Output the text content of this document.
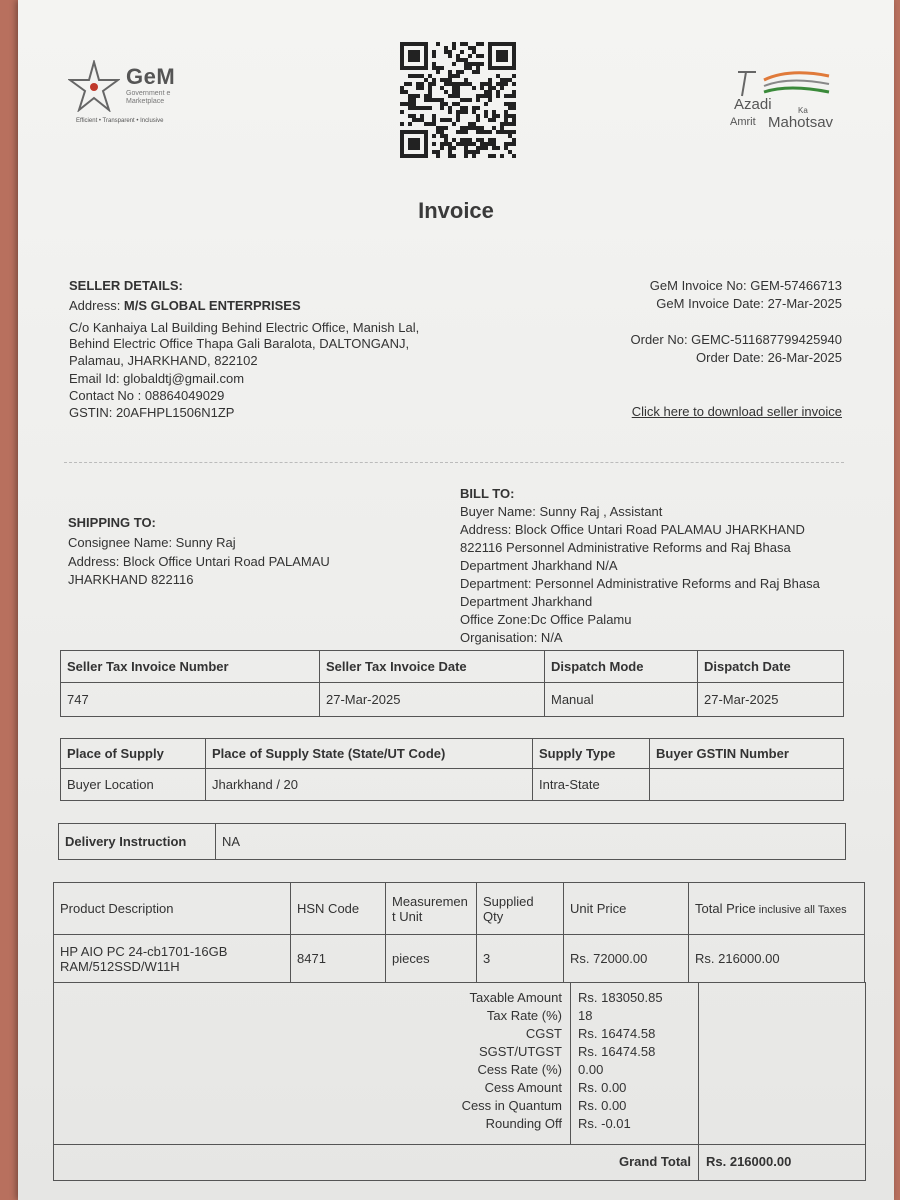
GeM
Government e Marketplace
Efficient • Transparent • Inclusive
Azadi	Ka
Amrit Mahotsav
Invoice
SELLER DETAILS:
Address: M/S GLOBAL ENTERPRISES
C/o Kanhaiya Lal Building Behind Electric Office, Manish Lal,
Behind Electric Office Thapa Gali Baralota, DALTONGANJ,
Palamau, JHARKHAND, 822102
Email Id: globaldtj@gmail.com
Contact No : 08864049029
GSTIN: 20AFHPL1506N1ZP
GeM Invoice No: GEM-57466713
GeM Invoice Date: 27-Mar-2025
Order No: GEMC-511687799425940
Order Date: 26-Mar-2025
Click here to download seller invoice
SHIPPING TO:
Consignee Name: Sunny Raj
Address: Block Office Untari Road PALAMAU
JHARKHAND 822116
BILL TO:
Buyer Name: Sunny Raj , Assistant
Address: Block Office Untari Road PALAMAU JHARKHAND
822116 Personnel Administrative Reforms and Raj Bhasa
Department Jharkhand N/A
Department: Personnel Administrative Reforms and Raj Bhasa
Department Jharkhand
Office Zone:Dc Office Palamu
Organisation: N/A
Seller Tax Invoice Number	Seller Tax Invoice Date	Dispatch Mode	Dispatch Date
747	27-Mar-2025	Manual	27-Mar-2025
Place of Supply	Place of Supply State (State/UT Code)	Supply Type	Buyer GSTIN Number
Buyer Location	Jharkhand / 20	Intra-State	
Delivery Instruction	NA
Product Description	HSN Code	Measuremen t Unit	Supplied Qty	Unit Price	Total Price inclusive all Taxes
HP AIO PC 24-cb1701-16GB RAM/512SSD/W11H	8471	pieces	3	Rs. 72000.00	Rs. 216000.00
Taxable Amount Rs. 183050.85
Tax Rate (%) 18
CGST Rs. 16474.58
SGST/UTGST Rs. 16474.58
Cess Rate (%) 0.00
Cess Amount Rs. 0.00
Cess in Quantum Rs. 0.00
Rounding Off Rs. -0.01
Grand Total Rs. 216000.00
